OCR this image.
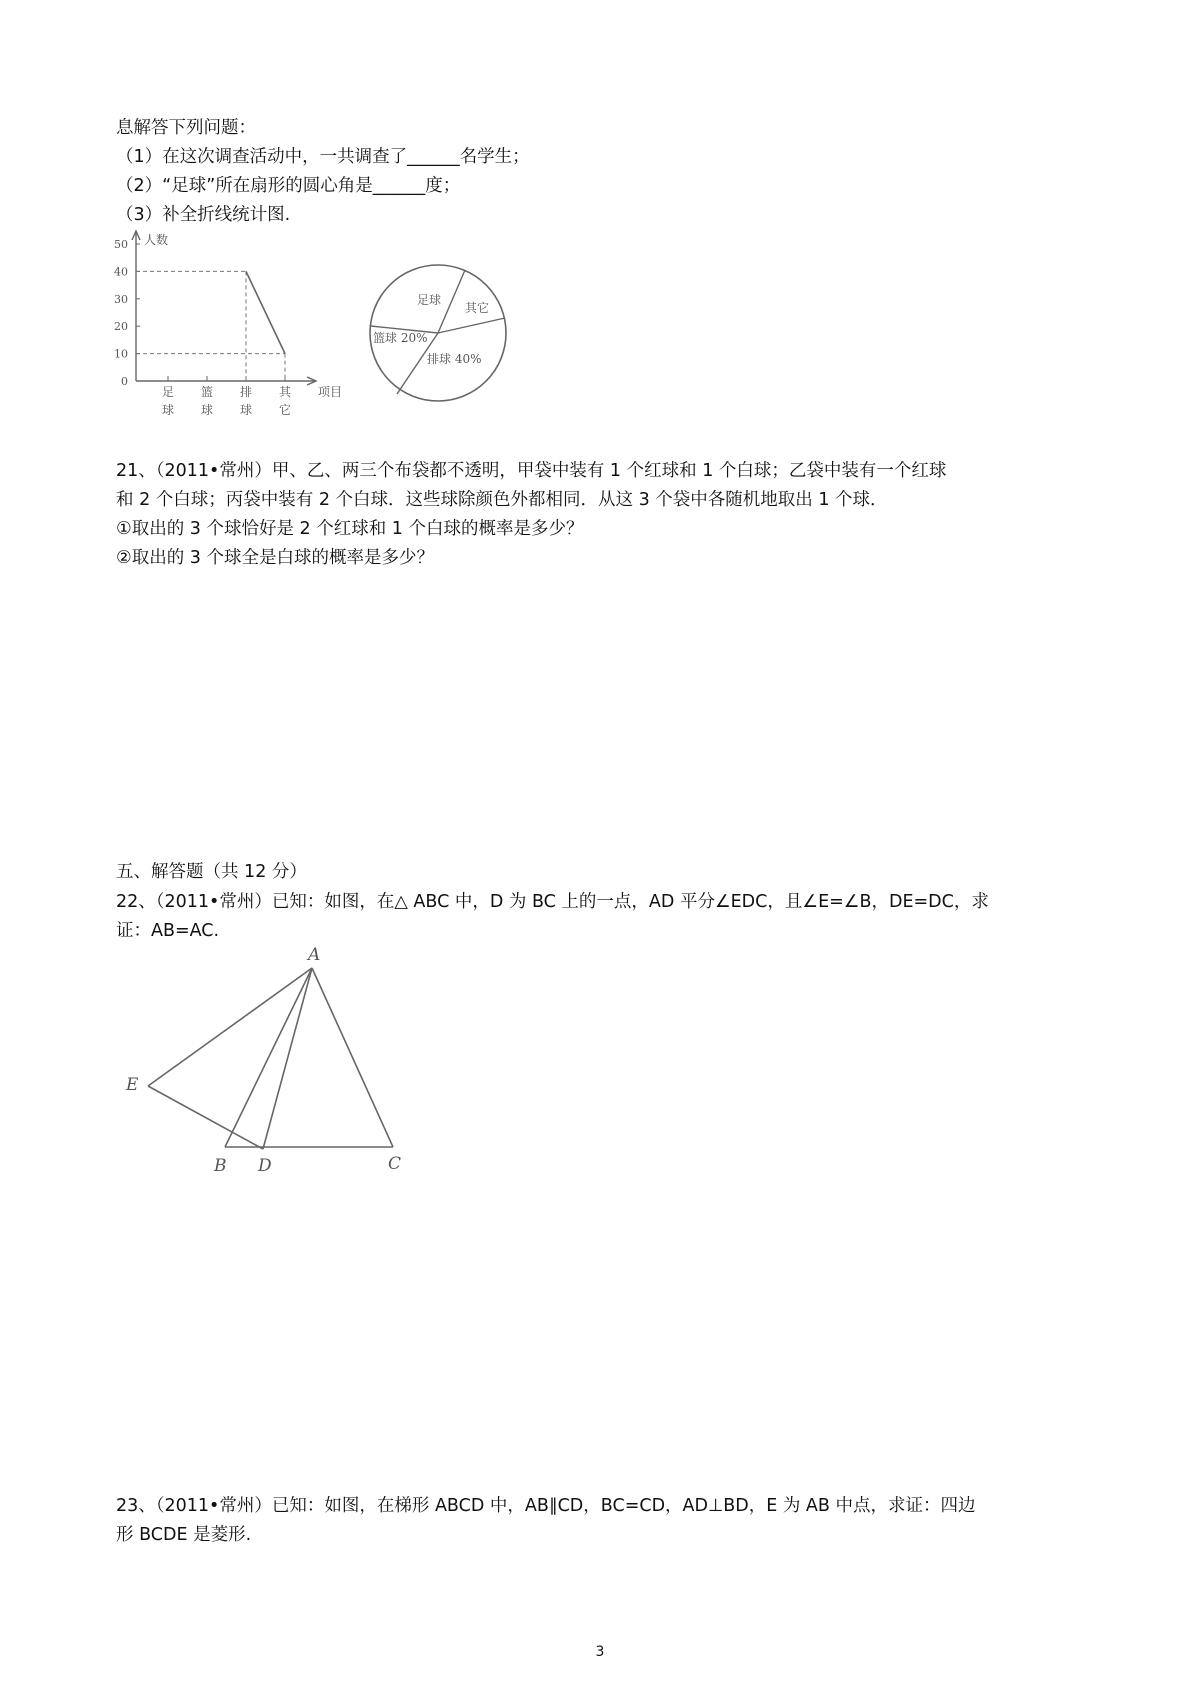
息解答下列问题：
（1）在这次调查活动中，一共调查了______名学生；
（2）“足球”所在扇形的圆心角是______度；
（3）补全折线统计图.
0
10
20
30
40
50
足
球
篮
球
排
球
其
它
人数
项目
足球
其它
篮球 20%
排球 40%
21、（2011•常州）甲、乙、两三个布袋都不透明，甲袋中装有 1 个红球和 1 个白球；乙袋中装有一个红球
和 2 个白球；丙袋中装有 2 个白球．这些球除颜色外都相同．从这 3 个袋中各随机地取出 1 个球．
①取出的 3 个球恰好是 2 个红球和 1 个白球的概率是多少？
②取出的 3 个球全是白球的概率是多少？
五、解答题（共 12 分）
22、（2011•常州）已知：如图，在△ ABC 中，D 为 BC 上的一点，AD 平分∠EDC，且∠E=∠B，DE=DC，求
证：AB=AC.
A
E
B D	C
23、（2011•常州）已知：如图，在梯形 ABCD 中，AB∥CD，BC=CD，AD⊥BD，E 为 AB 中点，求证：四边
形 BCDE 是菱形.
3
